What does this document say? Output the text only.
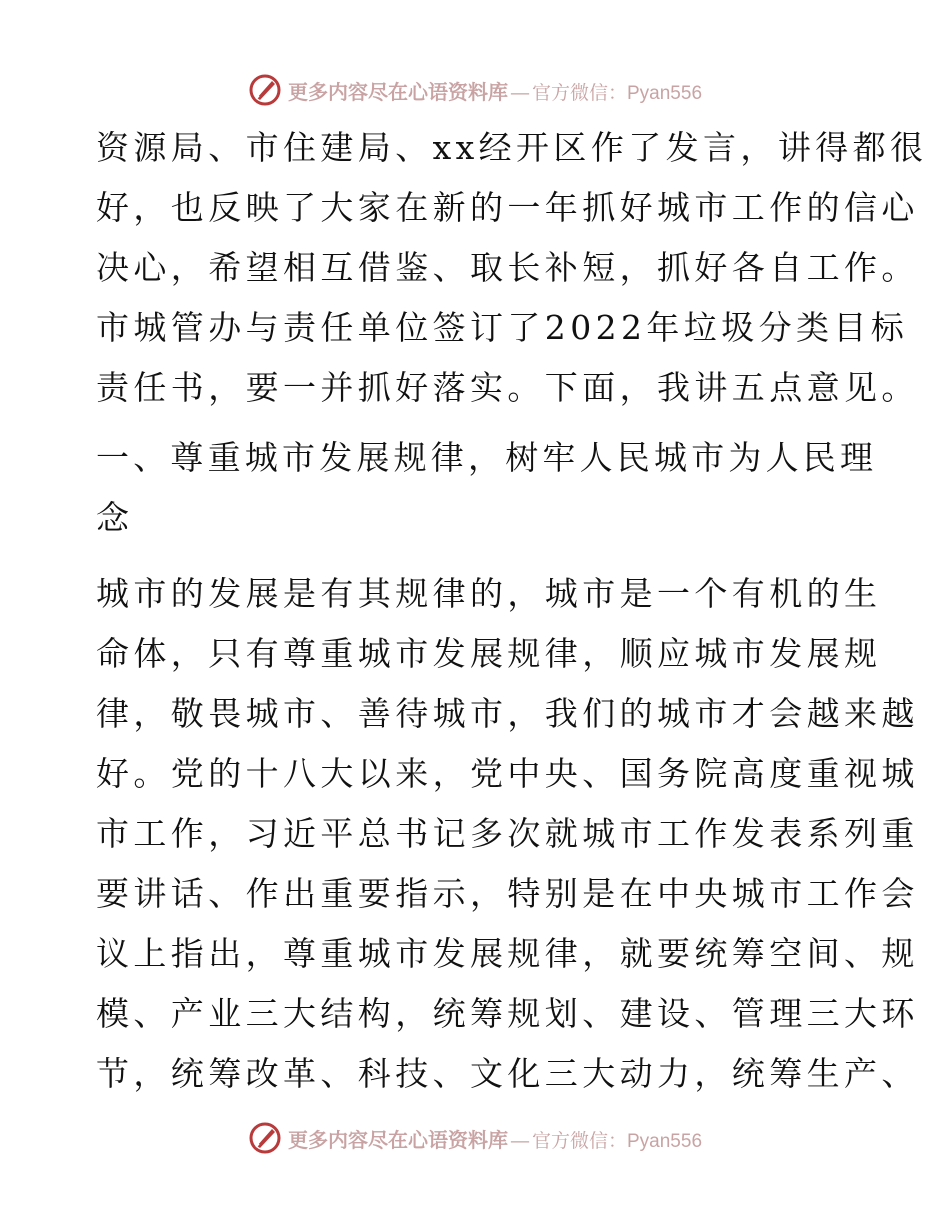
更多内容尽在心语资料库 — 官方微信： Pyan556
资源局、市住建局、xx经开区作了发言，讲得都很
好，也反映了大家在新的一年抓好城市工作的信心
决心，希望相互借鉴、取长补短，抓好各自工作。
市城管办与责任单位签订了2022年垃圾分类目标
责任书，要一并抓好落实。下面，我讲五点意见。
一、尊重城市发展规律，树牢人民城市为人民理
念
城市的发展是有其规律的，城市是一个有机的生
命体，只有尊重城市发展规律，顺应城市发展规
律，敬畏城市、善待城市，我们的城市才会越来越
好。党的十八大以来，党中央、国务院高度重视城
市工作，习近平总书记多次就城市工作发表系列重
要讲话、作出重要指示，特别是在中央城市工作会
议上指出，尊重城市发展规律，就要统筹空间、规
模、产业三大结构，统筹规划、建设、管理三大环
节，统筹改革、科技、文化三大动力，统筹生产、
更多内容尽在心语资料库 — 官方微信： Pyan556
